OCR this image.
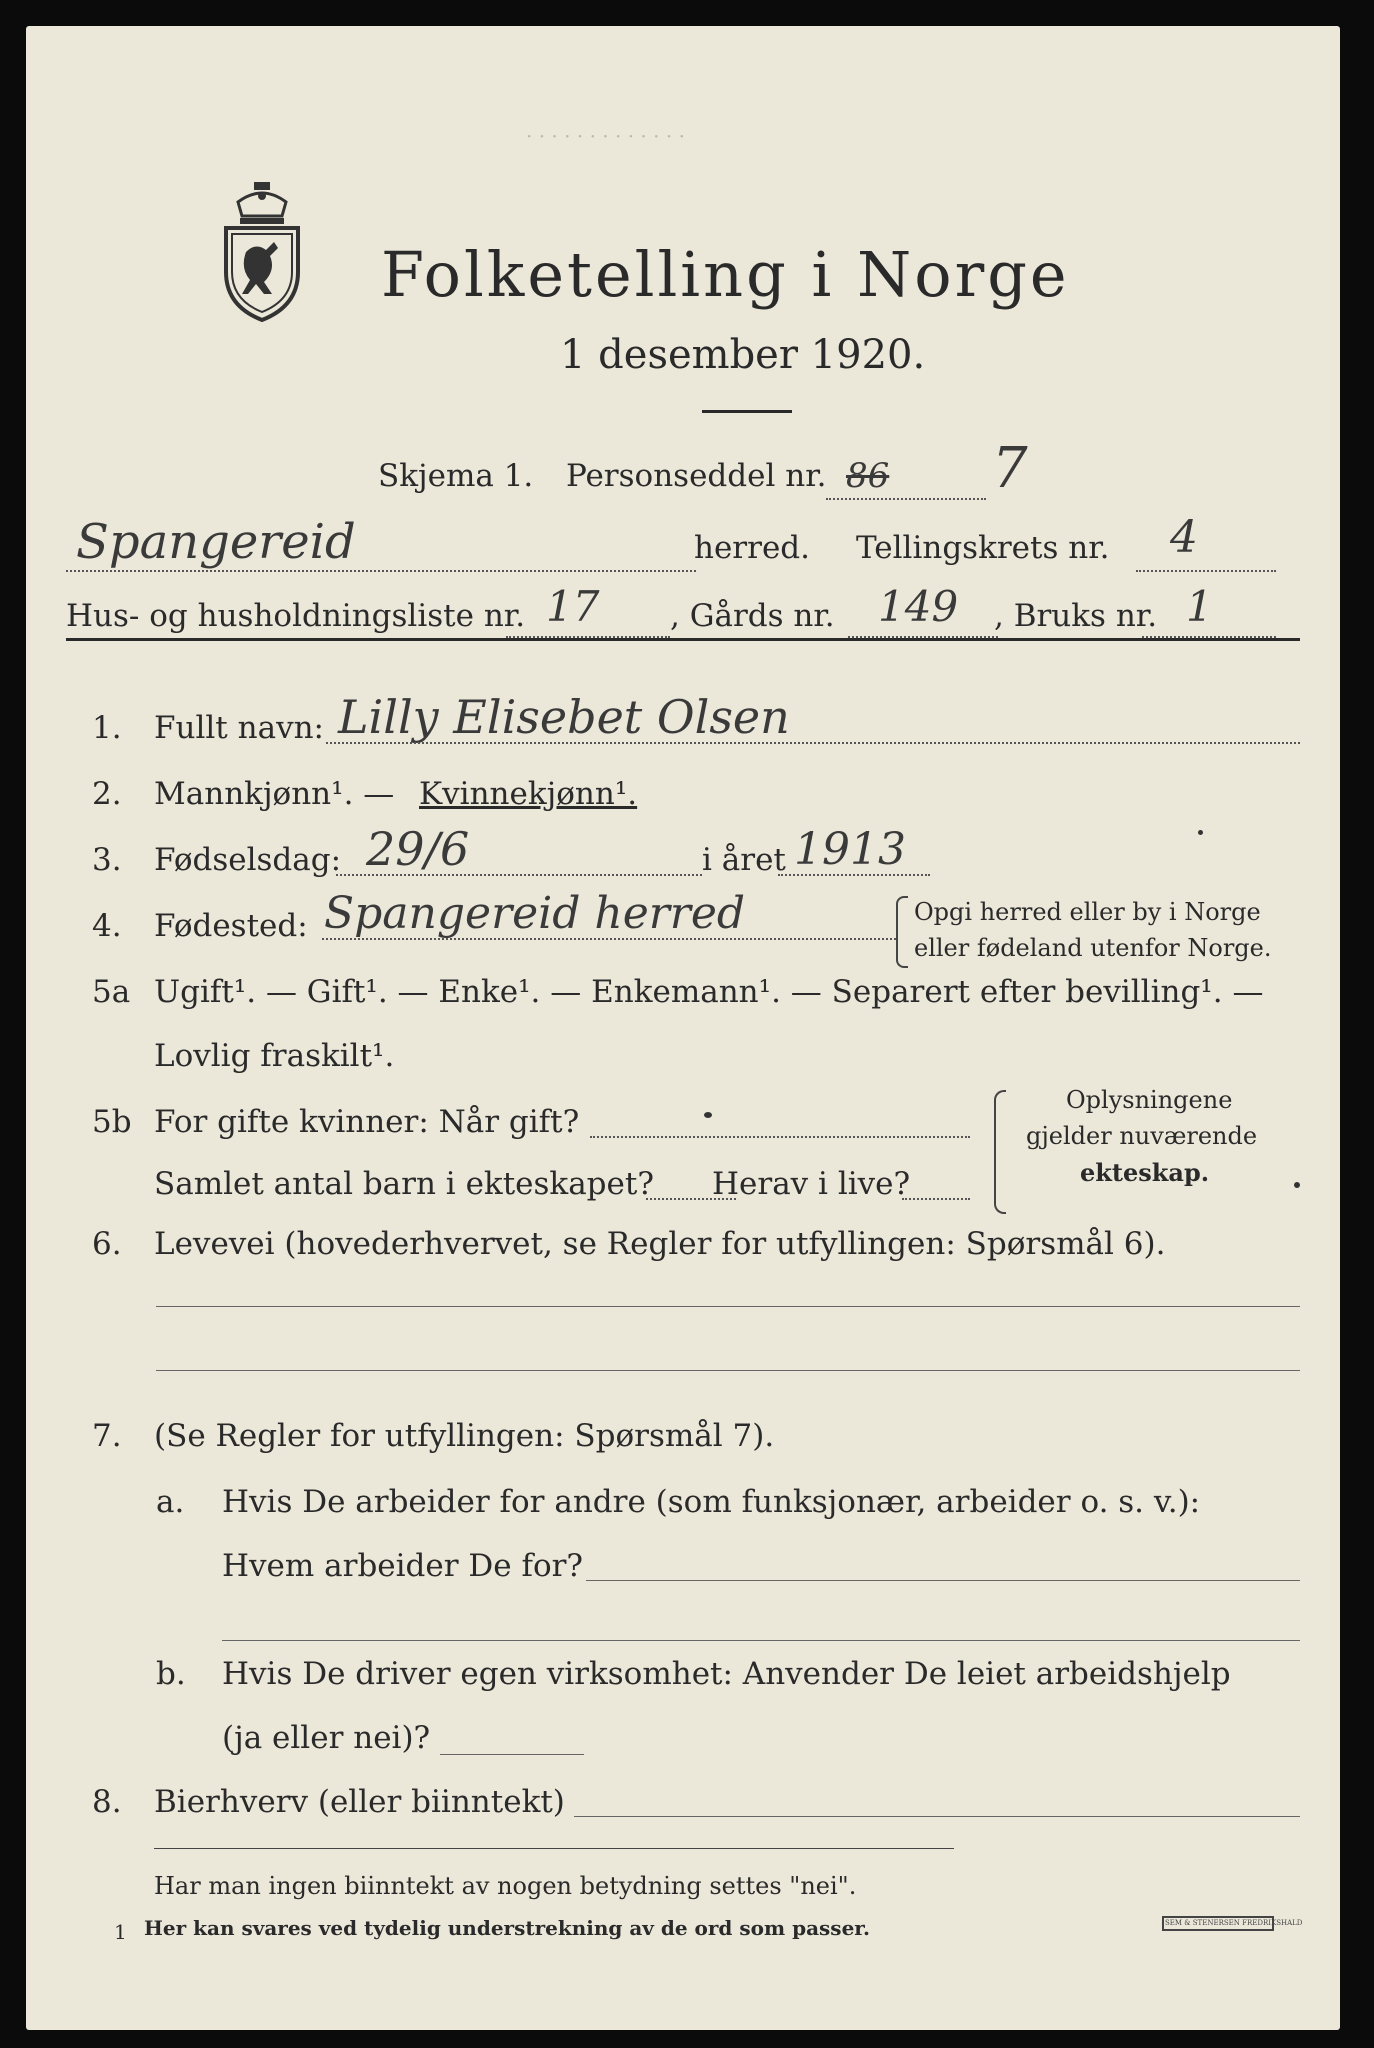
· · · · · · · · · · · · ·
Folketelling i Norge
1 desember 1920.
Skjema 1. Personseddel nr. 86 7
Spangereid	herred. Tellingskrets nr. 4
Hus- og husholdningsliste nr. 17 , Gårds nr. 149 , Bruks nr. 1
1. Fullt navn: Lilly Elisebet Olsen
2. Mannkjønn¹. — Kvinnekjønn¹.
3. Fødselsdag: 29/6	i året 1913
4. Fødested: Spangereid herred	Opgi herred eller by i Norge
eller fødeland utenfor Norge.
5a Ugift¹. — Gift¹. — Enke¹. — Enkemann¹. — Separert efter bevilling¹. —
Lovlig fraskilt¹.
5b For gifte kvinner: Når gift?
Samlet antal barn i ekteskapet? Herav i live?
Oplysningene
gjelder nuværende
ekteskap.
6. Levevei (hovederhvervet, se Regler for utfyllingen: Spørsmål 6).
7. (Se Regler for utfyllingen: Spørsmål 7).
a. Hvis De arbeider for andre (som funksjonær, arbeider o. s. v.):
Hvem arbeider De for?
b. Hvis De driver egen virksomhet: Anvender De leiet arbeidshjelp
(ja eller nei)?
8. Bierhverv (eller biinntekt)
Har man ingen biinntekt av nogen betydning settes "nei".
1 Her kan svares ved tydelig understrekning av de ord som passer.	SEM & STENERSEN FREDRIKSHALD
